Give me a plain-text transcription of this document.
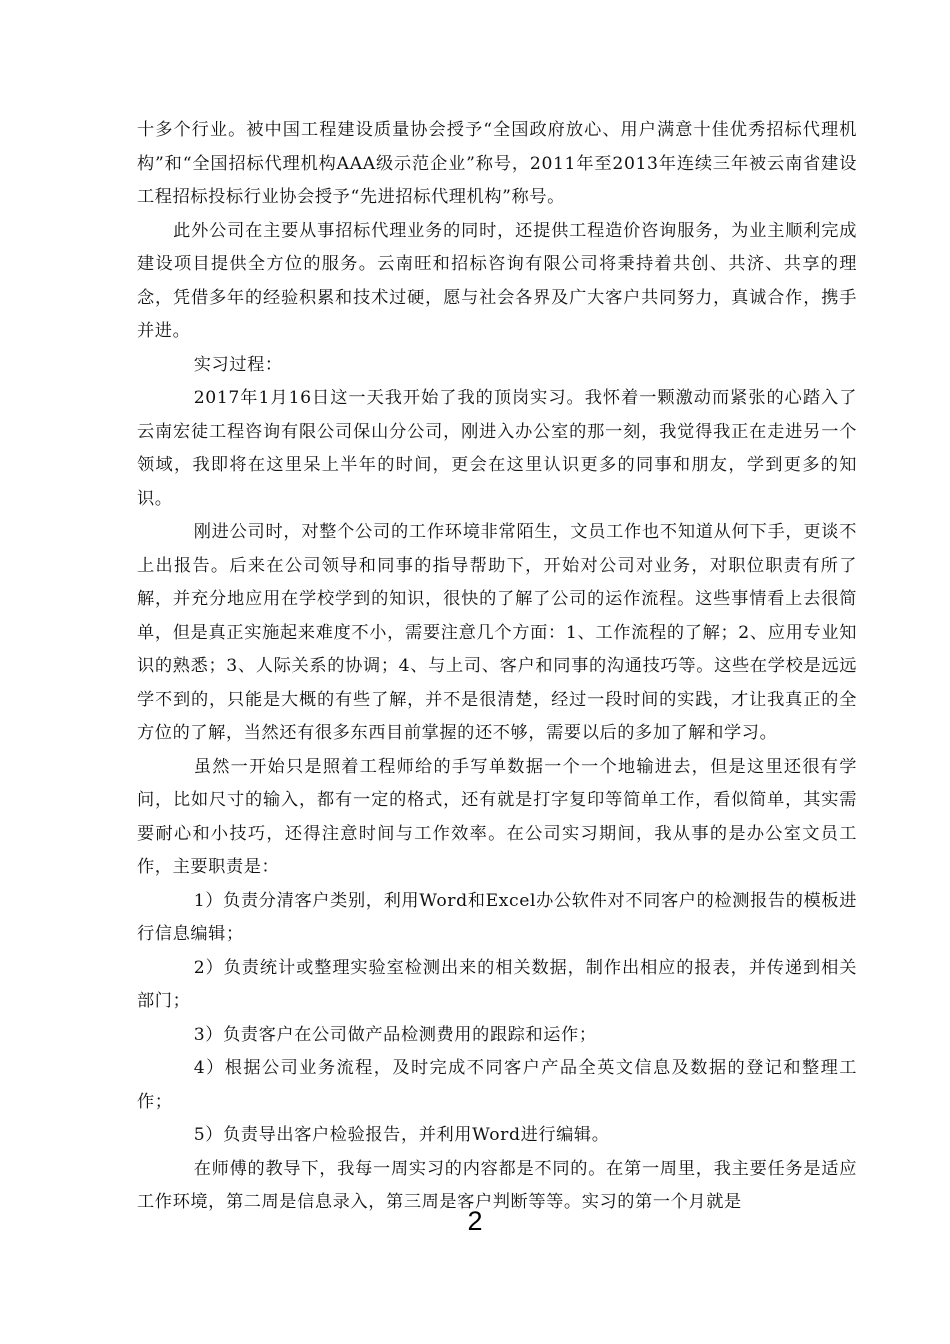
十多个行业。被中国工程建设质量协会授予“全国政府放心、用户满意十佳优秀招标代理机构”和“全国招标代理机构AAA级示范企业”称号，2011年至2013年连续三年被云南省建设工程招标投标行业协会授予“先进招标代理机构”称号。

此外公司在主要从事招标代理业务的同时，还提供工程造价咨询服务，为业主顺利完成建设项目提供全方位的服务。云南旺和招标咨询有限公司将秉持着共创、共济、共享的理念，凭借多年的经验积累和技术过硬，愿与社会各界及广大客户共同努力，真诚合作，携手并进。

实习过程：

2017年1月16日这一天我开始了我的顶岗实习。我怀着一颗激动而紧张的心踏入了云南宏徒工程咨询有限公司保山分公司，刚进入办公室的那一刻，我觉得我正在走进另一个领域，我即将在这里呆上半年的时间，更会在这里认识更多的同事和朋友，学到更多的知识。

刚进公司时，对整个公司的工作环境非常陌生，文员工作也不知道从何下手，更谈不上出报告。后来在公司领导和同事的指导帮助下，开始对公司对业务，对职位职责有所了解，并充分地应用在学校学到的知识，很快的了解了公司的运作流程。这些事情看上去很简单，但是真正实施起来难度不小，需要注意几个方面：1、工作流程的了解；2、应用专业知识的熟悉；3、人际关系的协调；4、与上司、客户和同事的沟通技巧等。这些在学校是远远学不到的，只能是大概的有些了解，并不是很清楚，经过一段时间的实践，才让我真正的全方位的了解，当然还有很多东西目前掌握的还不够，需要以后的多加了解和学习。

虽然一开始只是照着工程师给的手写单数据一个一个地输进去，但是这里还很有学问，比如尺寸的输入，都有一定的格式，还有就是打字复印等简单工作，看似简单，其实需要耐心和小技巧，还得注意时间与工作效率。在公司实习期间，我从事的是办公室文员工作，主要职责是：

1）负责分清客户类别，利用Word和Excel办公软件对不同客户的检测报告的模板进行信息编辑；

2）负责统计或整理实验室检测出来的相关数据，制作出相应的报表，并传递到相关部门；

3）负责客户在公司做产品检测费用的跟踪和运作；

4）根据公司业务流程，及时完成不同客户产品全英文信息及数据的登记和整理工作；

5）负责导出客户检验报告，并利用Word进行编辑。

在师傅的教导下，我每一周实习的内容都是不同的。在第一周里，我主要任务是适应工作环境，第二周是信息录入，第三周是客户判断等等。实习的第一个月就是

2
